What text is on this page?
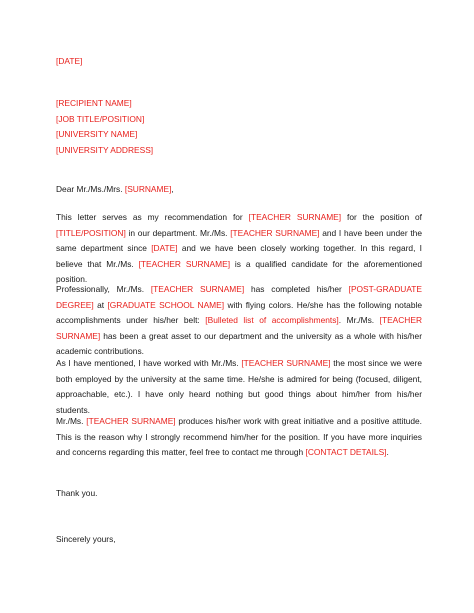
[DATE]
[RECIPIENT NAME]
[JOB TITLE/POSITION]
[UNIVERSITY NAME]
[UNIVERSITY ADDRESS]
Dear Mr./Ms./Mrs. [SURNAME],
This letter serves as my recommendation for [TEACHER SURNAME] for the position of [TITLE/POSITION] in our department. Mr./Ms. [TEACHER SURNAME] and I have been under the same department since [DATE] and we have been closely working together. In this regard, I believe that Mr./Ms. [TEACHER SURNAME] is a qualified candidate for the aforementioned position.
Professionally, Mr./Ms. [TEACHER SURNAME] has completed his/her [POST-GRADUATE DEGREE] at [GRADUATE SCHOOL NAME] with flying colors. He/she has the following notable accomplishments under his/her belt: [Bulleted list of accomplishments]. Mr./Ms. [TEACHER SURNAME] has been a great asset to our department and the university as a whole with his/her academic contributions.
As I have mentioned, I have worked with Mr./Ms. [TEACHER SURNAME] the most since we were both employed by the university at the same time. He/she is admired for being (focused, diligent, approachable, etc.). I have only heard nothing but good things about him/her from his/her students.
Mr./Ms. [TEACHER SURNAME] produces his/her work with great initiative and a positive attitude. This is the reason why I strongly recommend him/her for the position. If you have more inquiries and concerns regarding this matter, feel free to contact me through [CONTACT DETAILS].
Thank you.
Sincerely yours,
